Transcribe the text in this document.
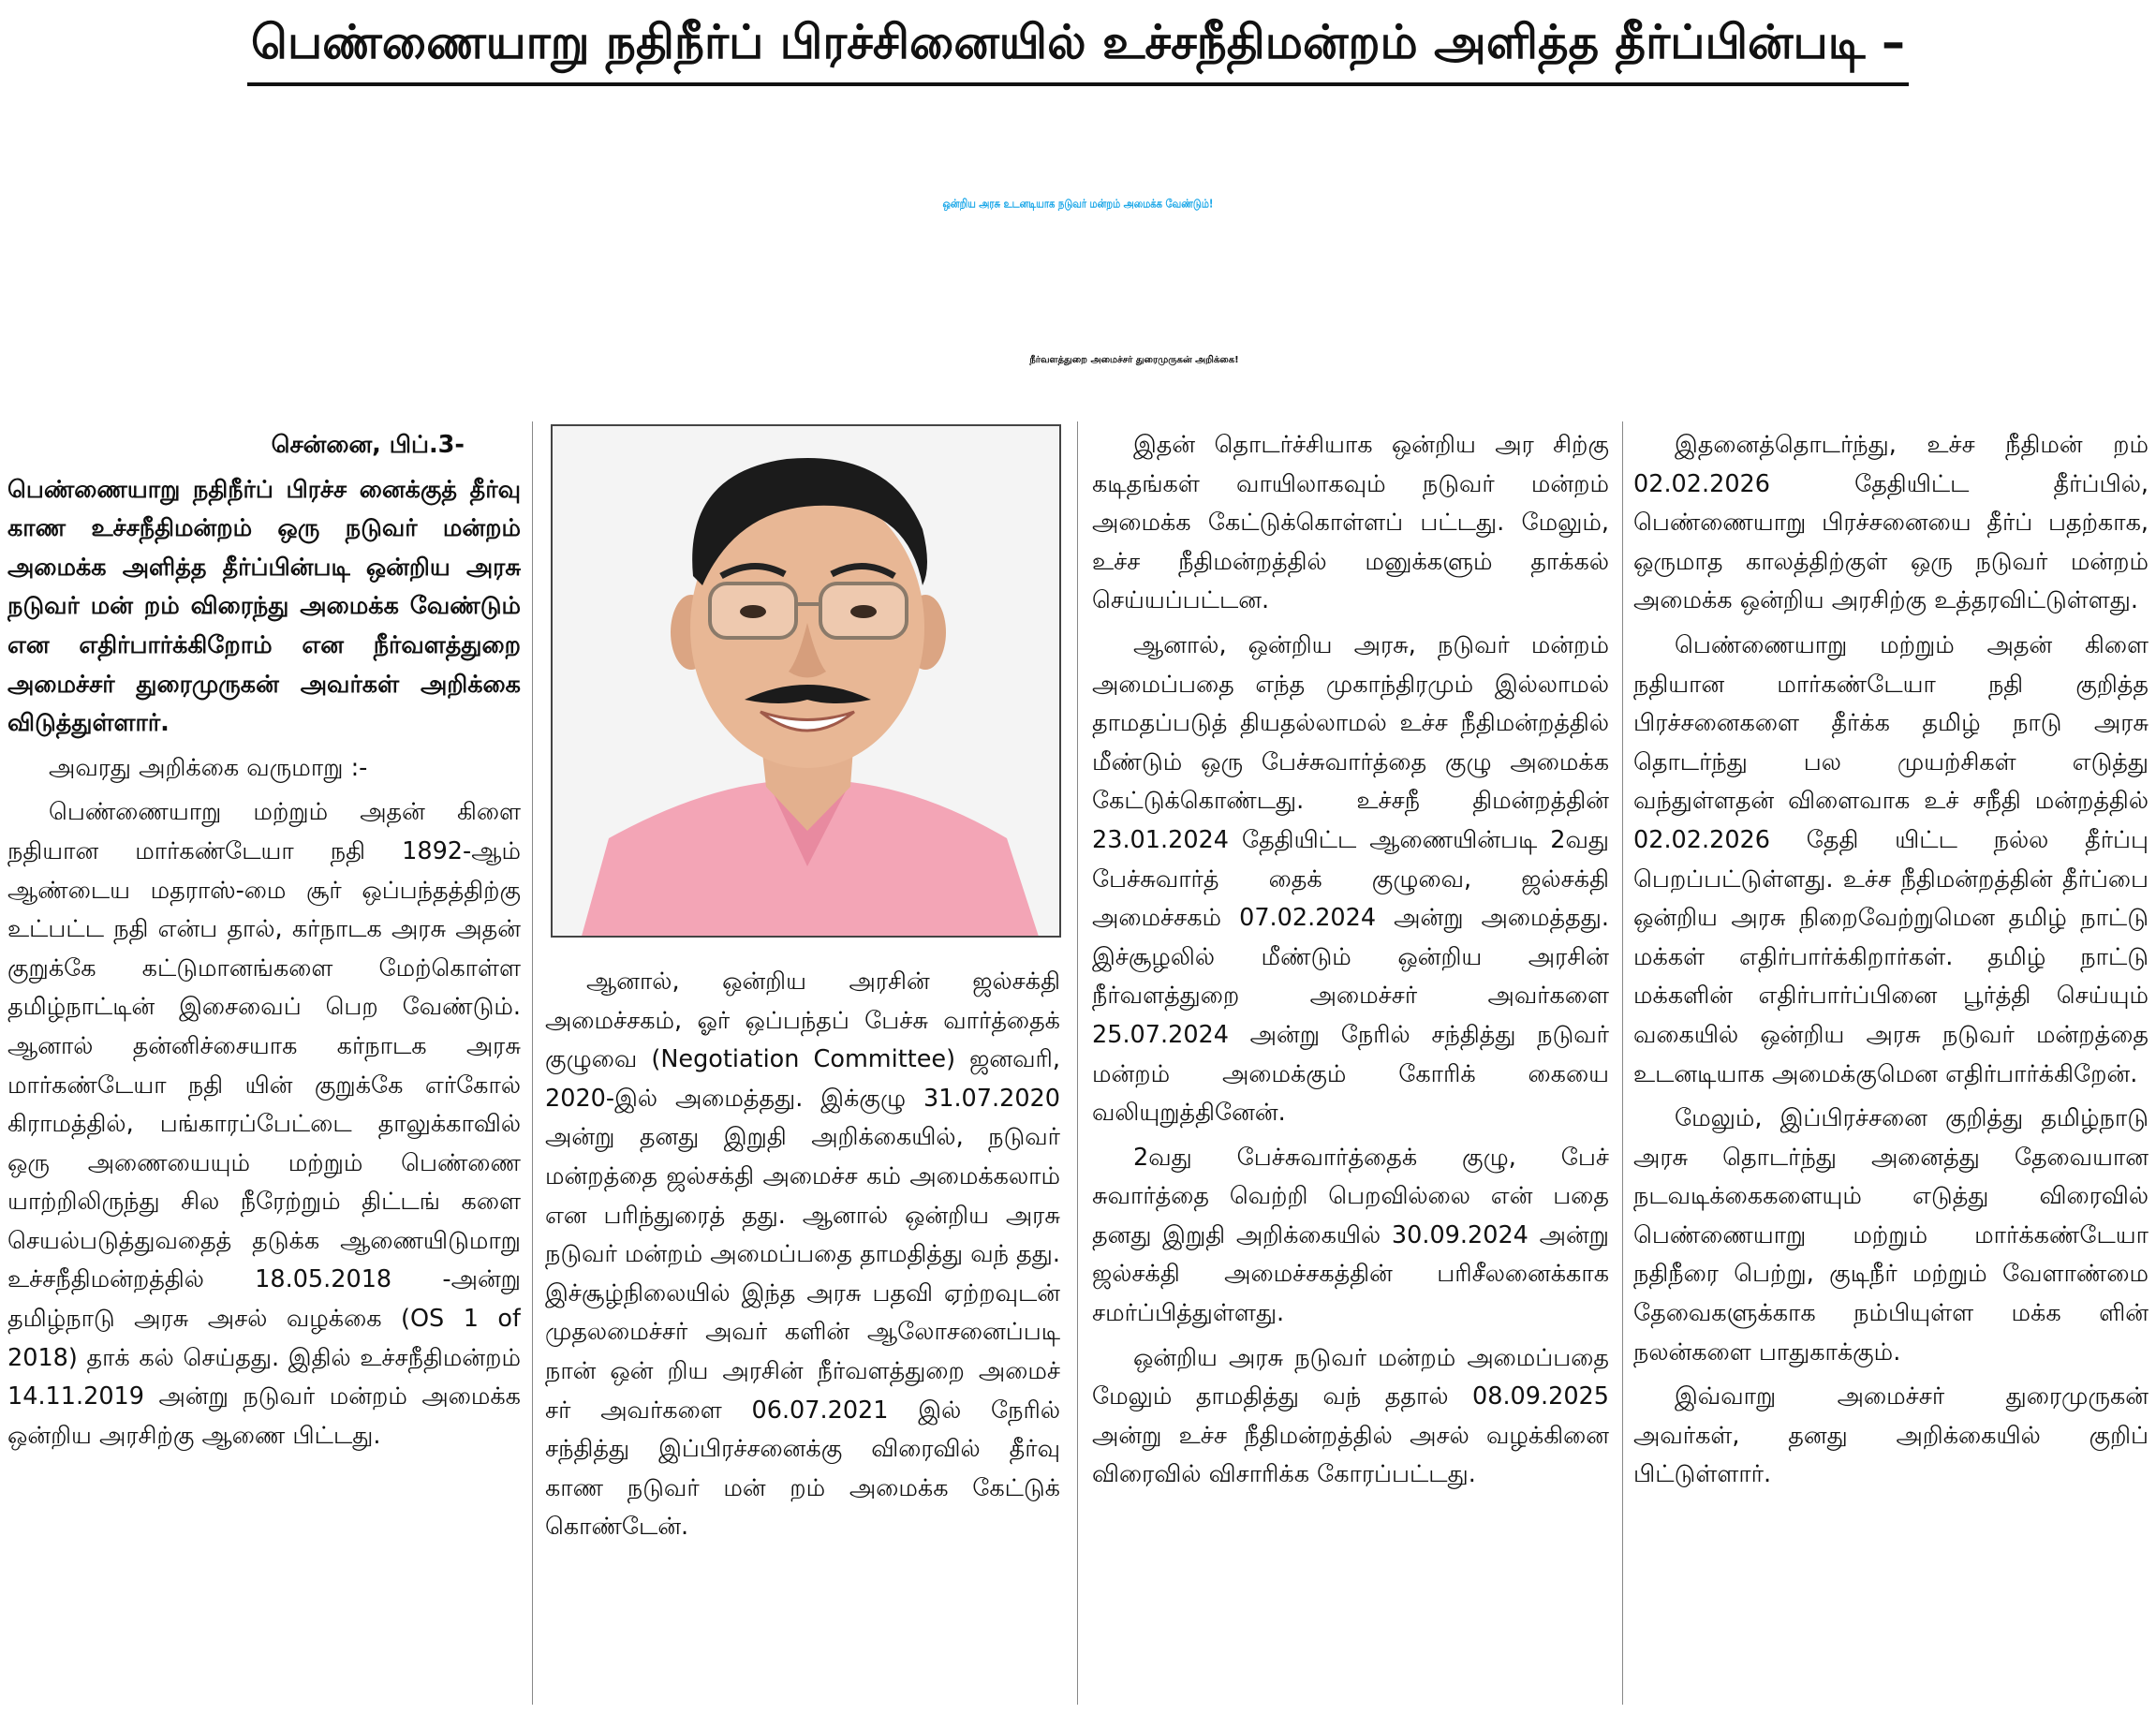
பெண்ணையாறு நதிநீர்ப் பிரச்சினையில் உச்சநீதிமன்றம் அளித்த தீர்ப்பின்படி –
ஒன்றிய அரசு உடனடியாக நடுவர் மன்றம் அமைக்க வேண்டும்!
நீர்வளத்துறை அமைச்சர் துரைமுருகன் அறிக்கை!

சென்னை, பிப்.3-

பெண்ணையாறு நதிநீர்ப் பிரச்ச னைக்குத் தீர்வு காண உச்சநீதிமன்றம் ஒரு நடுவர் மன்றம் அமைக்க அளித்த தீர்ப்பின்படி ஒன்றிய அரசு நடுவர் மன் றம் விரைந்து அமைக்க வேண்டும் என எதிர்பார்க்கிறோம் என நீர்வளத்துறை அமைச்சர் துரைமுருகன் அவர்கள் அறிக்கை விடுத்துள்ளார்.

அவரது அறிக்கை வருமாறு :-

பெண்ணையாறு மற்றும் அதன் கிளை நதியான மார்கண்டேயா நதி 1892-ஆம் ஆண்டைய மதராஸ்-மை சூர் ஒப்பந்தத்திற்கு உட்பட்ட நதி என்ப தால், கர்நாடக அரசு அதன் குறுக்கே கட்டுமானங்களை மேற்கொள்ள தமிழ்நாட்டின் இசைவைப் பெற வேண்டும். ஆனால் தன்னிச்சையாக கர்நாடக அரசு மார்கண்டேயா நதி யின் குறுக்கே எர்கோல் கிராமத்தில், பங்காரப்பேட்டை தாலுக்காவில் ஒரு அணையையும் மற்றும் பெண்ணை யாற்றிலிருந்து சில நீரேற்றும் திட்டங் களை செயல்படுத்துவதைத் தடுக்க ஆணையிடுமாறு உச்சநீதிமன்றத்தில் 18.05.2018 -அன்று தமிழ்நாடு அரசு அசல் வழக்கை (OS 1 of 2018) தாக் கல் செய்தது. இதில் உச்சநீதிமன்றம் 14.11.2019 அன்று நடுவர் மன்றம் அமைக்க ஒன்றிய அரசிற்கு ஆணை பிட்டது.

ஆனால், ஒன்றிய அரசின் ஜல்சக்தி அமைச்சகம், ஓர் ஒப்பந்தப் பேச்சு வார்த்தைக் குழுவை (Negotiation Committee) ஜனவரி, 2020-இல் அமைத்தது. இக்குழு 31.07.2020 அன்று தனது இறுதி அறிக்கையில், நடுவர் மன்றத்தை ஜல்சக்தி அமைச்ச கம் அமைக்கலாம் என பரிந்துரைத் தது. ஆனால் ஒன்றிய அரசு நடுவர் மன்றம் அமைப்பதை தாமதித்து வந் தது. இச்சூழ்நிலையில் இந்த அரசு பதவி ஏற்றவுடன் முதலமைச்சர் அவர் களின் ஆலோசனைப்படி நான் ஒன் றிய அரசின் நீர்வளத்துறை அமைச் சர் அவர்களை 06.07.2021 இல் நேரில் சந்தித்து இப்பிரச்சனைக்கு விரைவில் தீர்வு காண நடுவர் மன் றம் அமைக்க கேட்டுக் கொண்டேன்.

இதன் தொடர்ச்சியாக ஒன்றிய அர சிற்கு கடிதங்கள் வாயிலாகவும் நடுவர் மன்றம் அமைக்க கேட்டுக்கொள்ளப் பட்டது. மேலும், உச்ச நீதிமன்றத்தில் மனுக்களும் தாக்கல் செய்யப்பட்டன.

ஆனால், ஒன்றிய அரசு, நடுவர் மன்றம் அமைப்பதை எந்த முகாந்திரமும் இல்லாமல் தாமதப்படுத் தியதல்லாமல் உச்ச நீதிமன்றத்தில் மீண்டும் ஒரு பேச்சுவார்த்தை குழு அமைக்க கேட்டுக்கொண்டது. உச்சநீ திமன்றத்தின் 23.01.2024 தேதியிட்ட ஆணையின்படி 2வது பேச்சுவார்த் தைக் குழுவை, ஜல்சக்தி அமைச்சகம் 07.02.2024 அன்று அமைத்தது. இச்சூழலில் மீண்டும் ஒன்றிய அரசின் நீர்வளத்துறை அமைச்சர் அவர்களை 25.07.2024 அன்று நேரில் சந்தித்து நடுவர் மன்றம் அமைக்கும் கோரிக் கையை வலியுறுத்தினேன்.

2வது பேச்சுவார்த்தைக் குழு, பேச் சுவார்த்தை வெற்றி பெறவில்லை என் பதை தனது இறுதி அறிக்கையில் 30.09.2024 அன்று ஜல்சக்தி அமைச்சகத்தின் பரிசீலனைக்காக சமர்ப்பித்துள்ளது.

ஒன்றிய அரசு நடுவர் மன்றம் அமைப்பதை மேலும் தாமதித்து வந் ததால் 08.09.2025 அன்று உச்ச நீதிமன்றத்தில் அசல் வழக்கினை விரைவில் விசாரிக்க கோரப்பட்டது.

இதனைத்தொடர்ந்து, உச்ச நீதிமன் றம் 02.02.2026 தேதியிட்ட தீர்ப்பில், பெண்ணையாறு பிரச்சனையை தீர்ப் பதற்காக, ஒருமாத காலத்திற்குள் ஒரு நடுவர் மன்றம் அமைக்க ஒன்றிய அரசிற்கு உத்தரவிட்டுள்ளது.

பெண்ணையாறு மற்றும் அதன் கிளை நதியான மார்கண்டேயா நதி குறித்த பிரச்சனைகளை தீர்க்க தமிழ் நாடு அரசு தொடர்ந்து பல முயற்சிகள் எடுத்து வந்துள்ளதன் விளைவாக உச் சநீதி மன்றத்தில் 02.02.2026 தேதி யிட்ட நல்ல தீர்ப்பு பெறப்பட்டுள்ளது. உச்ச நீதிமன்றத்தின் தீர்ப்பை ஒன்றிய அரசு நிறைவேற்றுமென தமிழ் நாட்டு மக்கள் எதிர்பார்க்கிறார்கள். தமிழ் நாட்டு மக்களின் எதிர்பார்ப்பினை பூர்த்தி செய்யும் வகையில் ஒன்றிய அரசு நடுவர் மன்றத்தை உடனடியாக அமைக்குமென எதிர்பார்க்கிறேன்.

மேலும், இப்பிரச்சனை குறித்து தமிழ்நாடு அரசு தொடர்ந்து அனைத்து தேவையான நடவடிக்கைகளையும் எடுத்து விரைவில் பெண்ணையாறு மற்றும் மார்க்கண்டேயா நதிநீரை பெற்று, குடிநீர் மற்றும் வேளாண்மை தேவைகளுக்காக நம்பியுள்ள மக்க ளின் நலன்களை பாதுகாக்கும்.

இவ்வாறு அமைச்சர் துரைமுருகன் அவர்கள், தனது அறிக்கையில் குறிப் பிட்டுள்ளார்.
